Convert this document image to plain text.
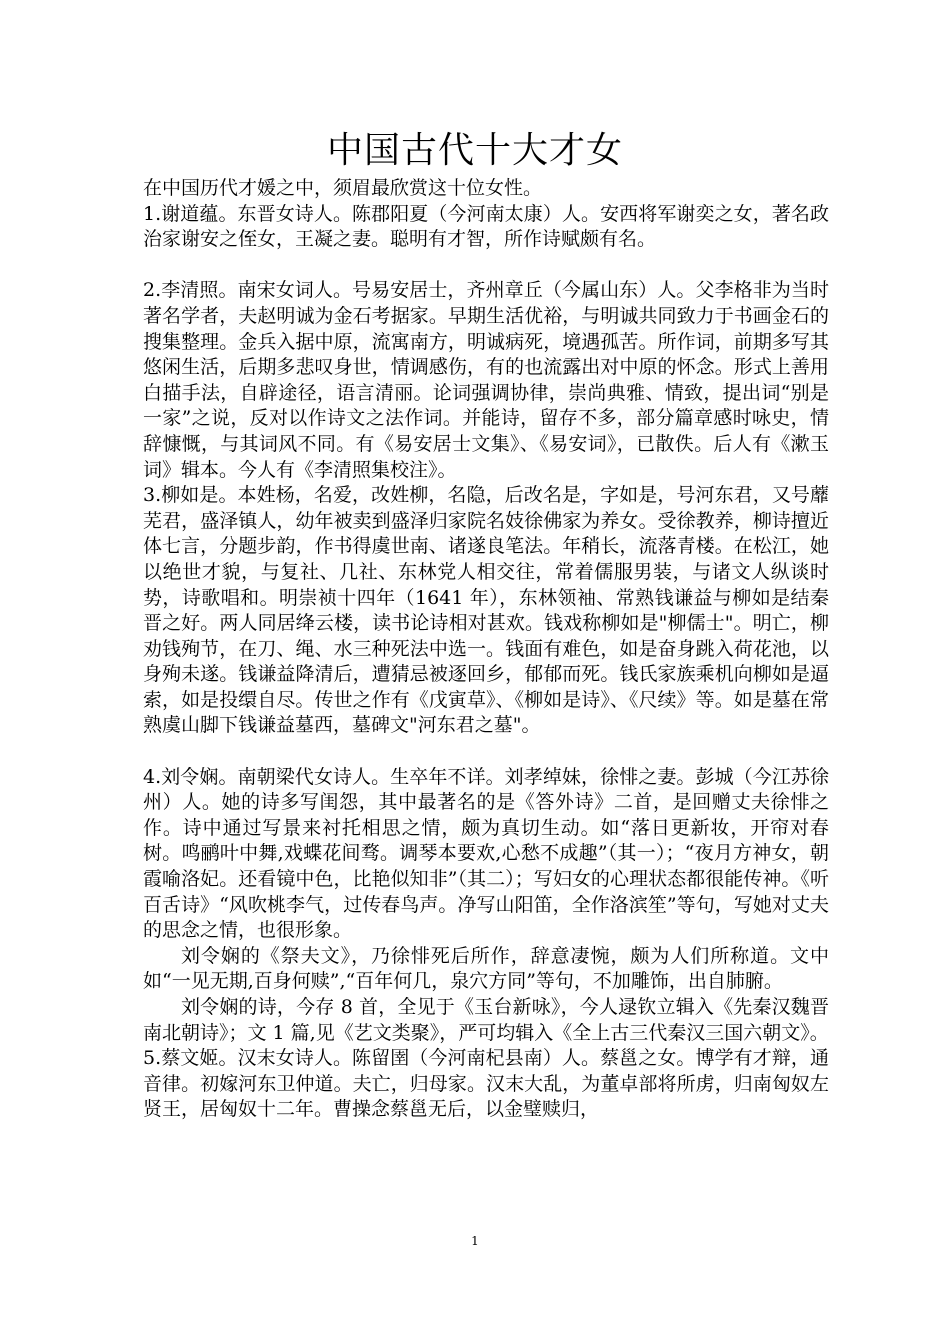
中国古代十大才女

在中国历代才媛之中，须眉最欣赏这十位女性。

1.谢道蕴。东晋女诗人。陈郡阳夏（今河南太康）人。安西将军谢奕之女，著名政治家谢安之侄女，王凝之妻。聪明有才智，所作诗赋颇有名。

2.李清照。南宋女词人。号易安居士，齐州章丘（今属山东）人。父李格非为当时著名学者，夫赵明诚为金石考据家。早期生活优裕，与明诚共同致力于书画金石的搜集整理。金兵入据中原，流寓南方，明诚病死，境遇孤苦。所作词，前期多写其悠闲生活，后期多悲叹身世，情调感伤，有的也流露出对中原的怀念。形式上善用白描手法，自辟途径，语言清丽。论词强调协律，崇尚典雅、情致，提出词“别是一家”之说，反对以作诗文之法作词。并能诗，留存不多，部分篇章感时咏史，情辞慷慨，与其词风不同。有《易安居士文集》、《易安词》，已散佚。后人有《漱玉词》辑本。今人有《李清照集校注》。

3.柳如是。本姓杨，名爱，改姓柳，名隐，后改名是，字如是，号河东君，又号蘼芜君，盛泽镇人，幼年被卖到盛泽归家院名妓徐佛家为养女。受徐教养，柳诗擅近体七言，分题步韵，作书得虞世南、诸遂良笔法。年稍长，流落青楼。在松江，她以绝世才貌，与复社、几社、东林党人相交往，常着儒服男装，与诸文人纵谈时势，诗歌唱和。明崇祯十四年（1641 年），东林领袖、常熟钱谦益与柳如是结秦晋之好。两人同居绛云楼，读书论诗相对甚欢。钱戏称柳如是"柳儒士"。明亡，柳劝钱殉节，在刀、绳、水三种死法中选一。钱面有难色，如是奋身跳入荷花池，以身殉未遂。钱谦益降清后，遭猜忌被逐回乡，郁郁而死。钱氏家族乘机向柳如是逼索，如是投缳自尽。传世之作有《戊寅草》、《柳如是诗》、《尺续》等。如是墓在常熟虞山脚下钱谦益墓西，墓碑文"河东君之墓"。

4.刘令娴。南朝梁代女诗人。生卒年不详。刘孝绰妹，徐悱之妻。彭城（今江苏徐州）人。她的诗多写闺怨，其中最著名的是《答外诗》二首，是回赠丈夫徐悱之作。诗中通过写景来衬托相思之情，颇为真切生动。如“落日更新妆，开帘对春树。鸣鹂叶中舞,戏蝶花间骛。调琴本要欢,心愁不成趣”（其一）；“夜月方神女，朝霞喻洛妃。还看镜中色，比艳似知非”（其二）；写妇女的心理状态都很能传神。《听百舌诗》“风吹桃李气，过传春鸟声。净写山阳笛，全作洛滨笙”等句，写她对丈夫的思念之情，也很形象。

刘令娴的《祭夫文》，乃徐悱死后所作，辞意凄惋，颇为人们所称道。文中如“一见无期,百身何赎”,“百年何几，泉穴方同”等句，不加雕饰，出自肺腑。

刘令娴的诗，今存 8 首，全见于《玉台新咏》，今人逯钦立辑入《先秦汉魏晋南北朝诗》；文 1 篇,见《艺文类聚》，严可均辑入《全上古三代秦汉三国六朝文》。

5.蔡文姬。汉末女诗人。陈留圉（今河南杞县南）人。蔡邕之女。博学有才辩，通音律。初嫁河东卫仲道。夫亡，归母家。汉末大乱，为董卓部将所虏，归南匈奴左贤王，居匈奴十二年。曹操念蔡邕无后，以金璧赎归，

1
